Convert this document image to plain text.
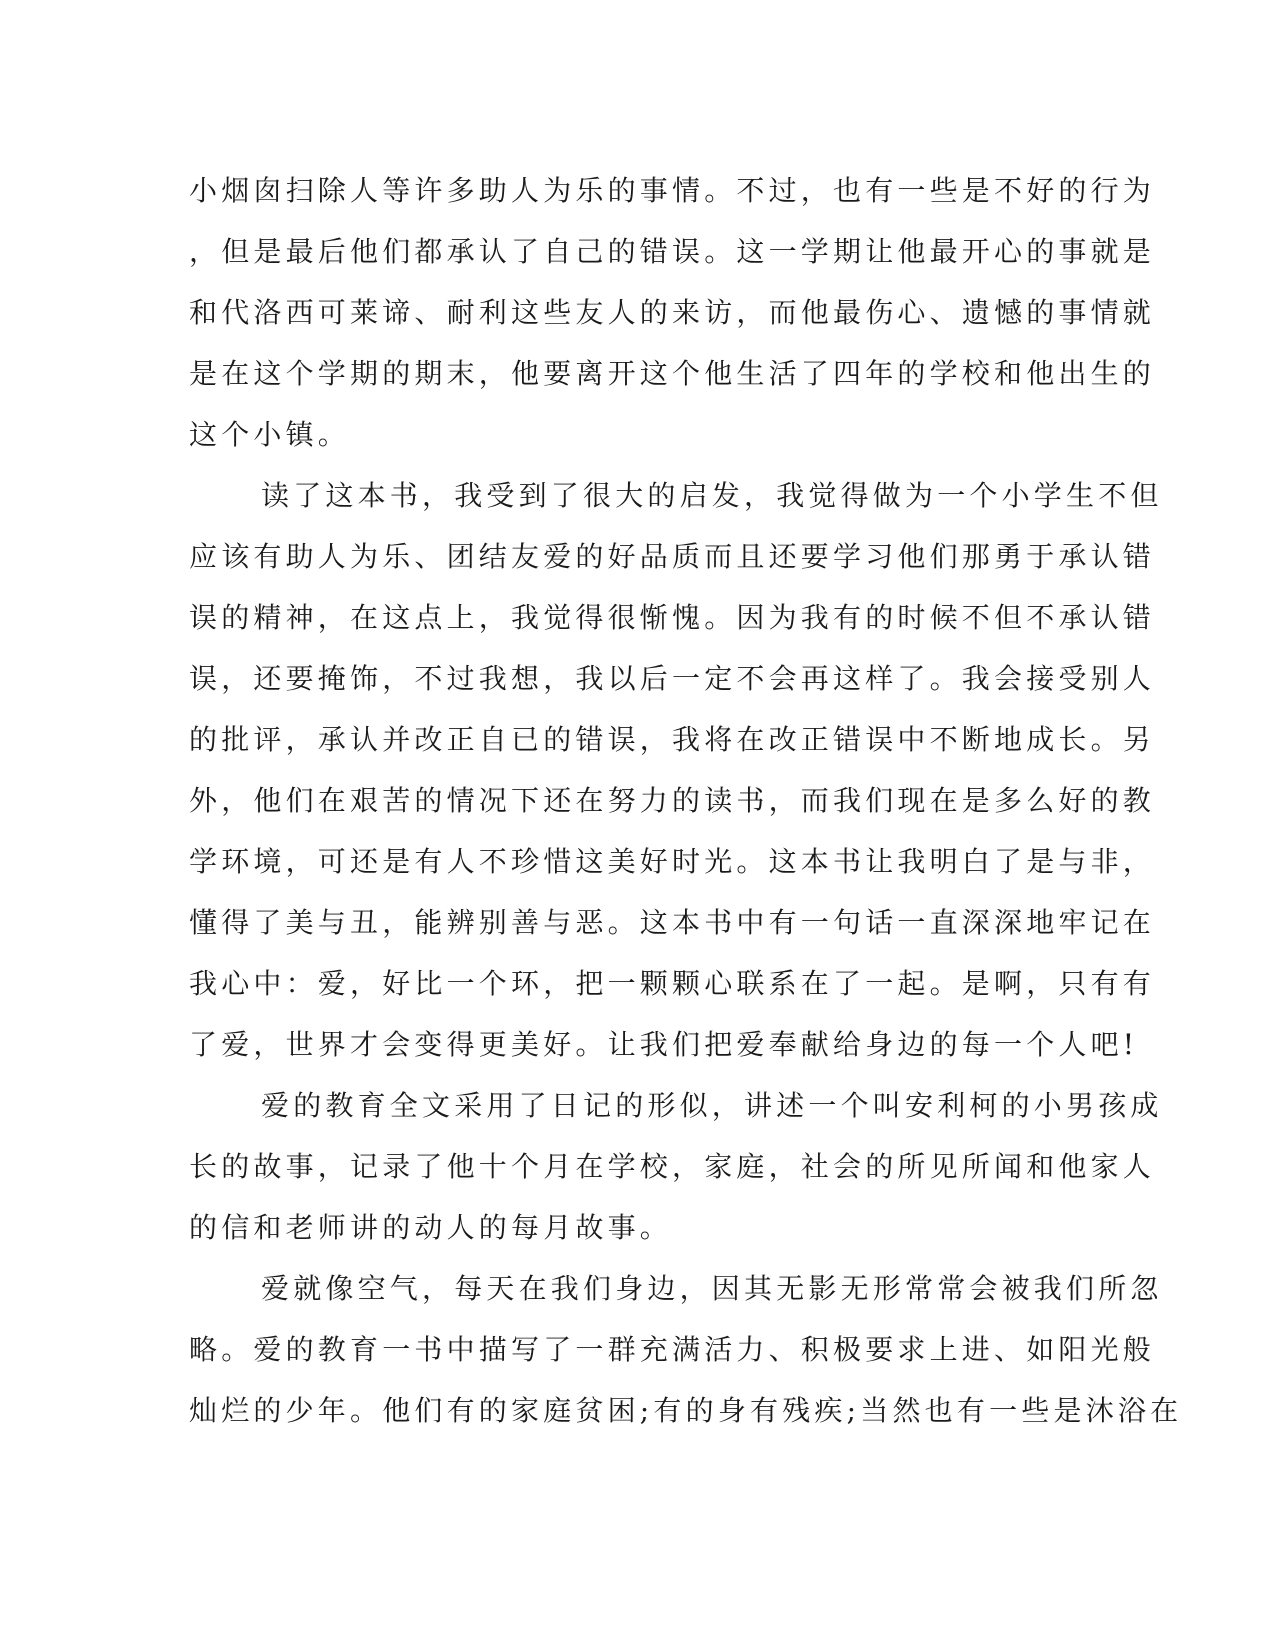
小烟囱扫除人等许多助人为乐的事情。不过，也有一些是不好的行为
，但是最后他们都承认了自己的错误。这一学期让他最开心的事就是
和代洛西可莱谛、耐利这些友人的来访，而他最伤心、遗憾的事情就
是在这个学期的期末，他要离开这个他生活了四年的学校和他出生的
这个小镇。
读了这本书，我受到了很大的启发，我觉得做为一个小学生不但
应该有助人为乐、团结友爱的好品质而且还要学习他们那勇于承认错
误的精神，在这点上，我觉得很惭愧。因为我有的时候不但不承认错
误，还要掩饰，不过我想，我以后一定不会再这样了。我会接受别人
的批评，承认并改正自已的错误，我将在改正错误中不断地成长。另
外，他们在艰苦的情况下还在努力的读书，而我们现在是多么好的教
学环境，可还是有人不珍惜这美好时光。这本书让我明白了是与非，
懂得了美与丑，能辨别善与恶。这本书中有一句话一直深深地牢记在
我心中：爱，好比一个环，把一颗颗心联系在了一起。是啊，只有有
了爱，世界才会变得更美好。让我们把爱奉献给身边的每一个人吧!
爱的教育全文采用了日记的形似，讲述一个叫安利柯的小男孩成
长的故事，记录了他十个月在学校，家庭，社会的所见所闻和他家人
的信和老师讲的动人的每月故事。
爱就像空气，每天在我们身边，因其无影无形常常会被我们所忽
略。爱的教育一书中描写了一群充满活力、积极要求上进、如阳光般
灿烂的少年。他们有的家庭贫困;有的身有残疾;当然也有一些是沐浴在
